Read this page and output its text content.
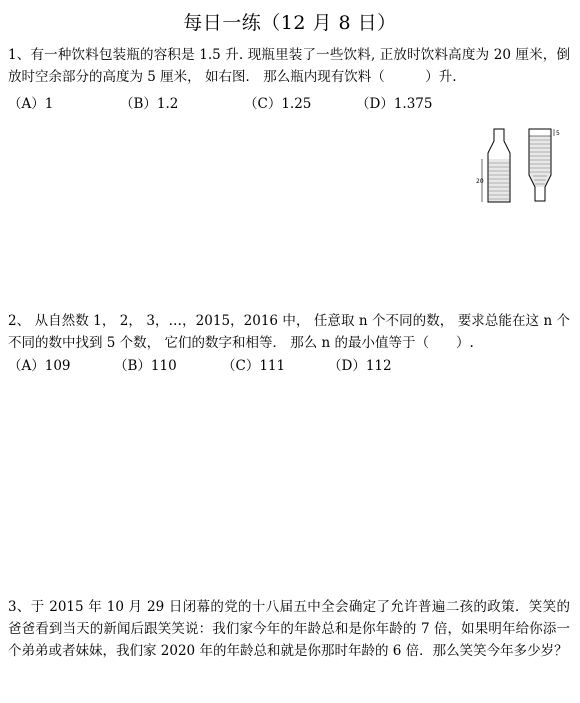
每日一练（12 月 8 日）
1、有一种饮料包装瓶的容积是 1.5 升. 现瓶里装了一些饮料, 正放时饮料高度为 20 厘米，倒放时空余部分的高度为 5 厘米， 如右图． 那么瓶内现有饮料（　　　）升.
（A）1	（B）1.2	（C）1.25	（D）1.375
20
5
2、 从自然数 1， 2， 3，…，2015，2016 中， 任意取 n 个不同的数， 要求总能在这 n 个不同的数中找到 5 个数， 它们的数字和相等． 那么 n 的最小值等于（　　）.
（A）109	（B）110	（C）111	（D）112
3、于 2015 年 10 月 29 日闭幕的党的十八届五中全会确定了允许普遍二孩的政策．笑笑的爸爸看到当天的新闻后跟笑笑说：我们家今年的年龄总和是你年龄的 7 倍，如果明年给你添一个弟弟或者妹妹，我们家 2020 年的年龄总和就是你那时年龄的 6 倍．那么笑笑今年多少岁？
